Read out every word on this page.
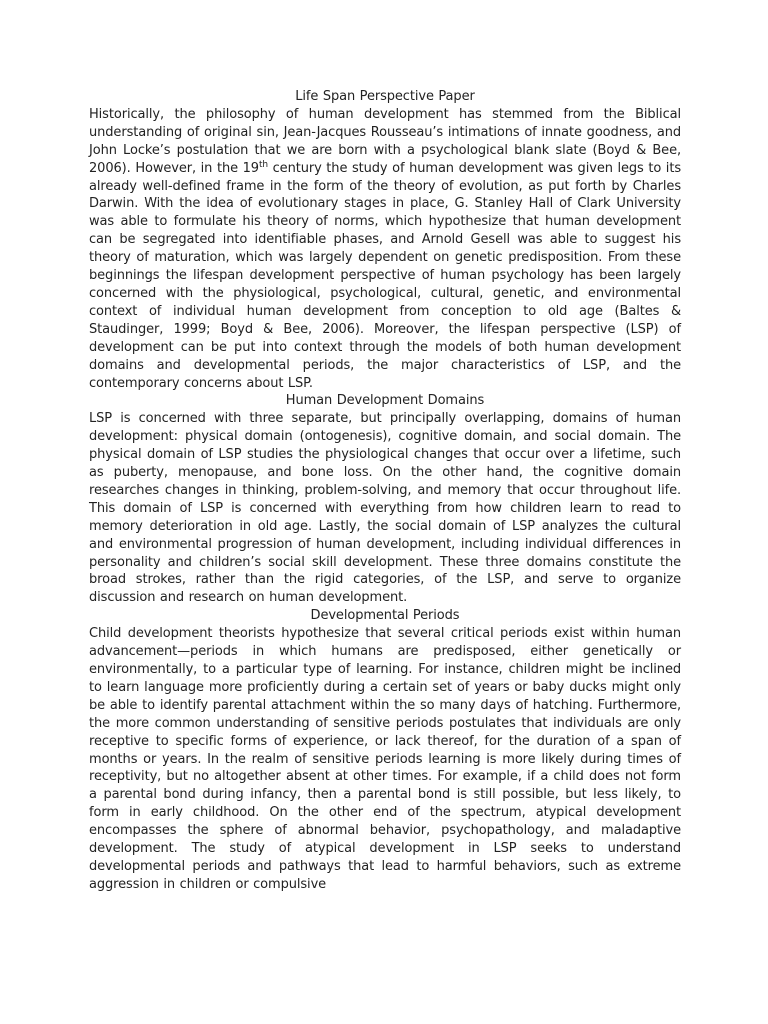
Life Span Perspective Paper

Historically, the philosophy of human development has stemmed from the Biblical understanding of original sin, Jean-Jacques Rousseau’s intimations of innate goodness, and John Locke’s postulation that we are born with a psychological blank slate (Boyd & Bee, 2006). However, in the 19th century the study of human development was given legs to its already well-defined frame in the form of the theory of evolution, as put forth by Charles Darwin. With the idea of evolutionary stages in place, G. Stanley Hall of Clark University was able to formulate his theory of norms, which hypothesize that human development can be segregated into identifiable phases, and Arnold Gesell was able to suggest his theory of maturation, which was largely dependent on genetic predisposition. From these beginnings the lifespan development perspective of human psychology has been largely concerned with the physiological, psychological, cultural, genetic, and environmental context of individual human development from conception to old age (Baltes & Staudinger, 1999; Boyd & Bee, 2006). Moreover, the lifespan perspective (LSP) of development can be put into context through the models of both human development domains and developmental periods, the major characteristics of LSP, and the contemporary concerns about LSP.

Human Development Domains

LSP is concerned with three separate, but principally overlapping, domains of human development: physical domain (ontogenesis), cognitive domain, and social domain. The physical domain of LSP studies the physiological changes that occur over a lifetime, such as puberty, menopause, and bone loss. On the other hand, the cognitive domain researches changes in thinking, problem-solving, and memory that occur throughout life. This domain of LSP is concerned with everything from how children learn to read to memory deterioration in old age. Lastly, the social domain of LSP analyzes the cultural and environmental progression of human development, including individual differences in personality and children’s social skill development. These three domains constitute the broad strokes, rather than the rigid categories, of the LSP, and serve to organize discussion and research on human development.

Developmental Periods

Child development theorists hypothesize that several critical periods exist within human advancement—periods in which humans are predisposed, either genetically or environmentally, to a particular type of learning. For instance, children might be inclined to learn language more proficiently during a certain set of years or baby ducks might only be able to identify parental attachment within the so many days of hatching. Furthermore, the more common understanding of sensitive periods postulates that individuals are only receptive to specific forms of experience, or lack thereof, for the duration of a span of months or years. In the realm of sensitive periods learning is more likely during times of receptivity, but no altogether absent at other times. For example, if a child does not form a parental bond during infancy, then a parental bond is still possible, but less likely, to form in early childhood. On the other end of the spectrum, atypical development encompasses the sphere of abnormal behavior, psychopathology, and maladaptive development. The study of atypical development in LSP seeks to understand developmental periods and pathways that lead to harmful behaviors, such as extreme aggression in children or compulsive
